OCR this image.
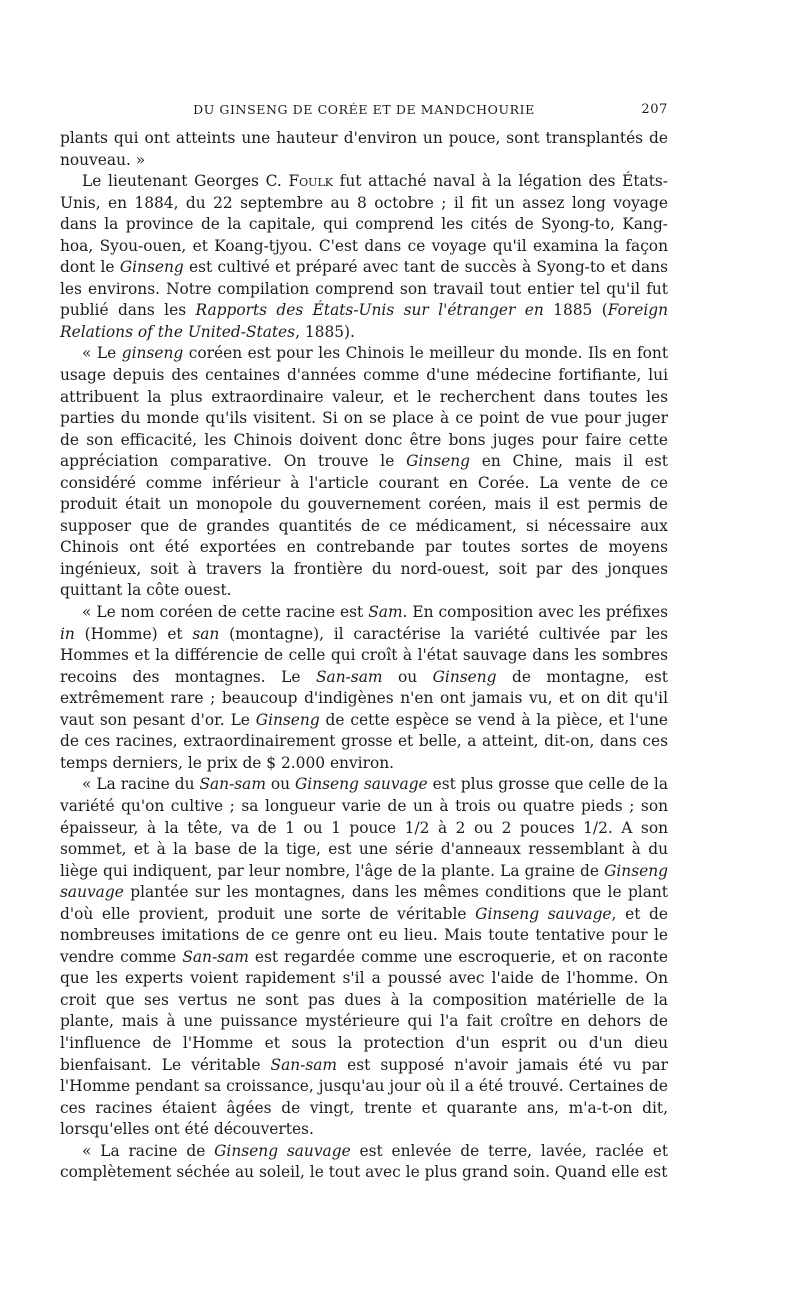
DU GINSENG DE CORÉE ET DE MANDCHOURIE	207

plants qui ont atteints une hauteur d'environ un pouce, sont transplantés de nouveau. »

Le lieutenant Georges C. Foulk fut attaché naval à la légation des États-Unis, en 1884, du 22 septembre au 8 octobre ; il fit un assez long voyage dans la province de la capitale, qui comprend les cités de Syong-to, Kang-hoa, Syou-ouen, et Koang-tjyou. C'est dans ce voyage qu'il examina la façon dont le Ginseng est cultivé et préparé avec tant de succès à Syong-to et dans les environs. Notre compilation comprend son travail tout entier tel qu'il fut publié dans les Rapports des États-Unis sur l'étranger en 1885 (Foreign Relations of the United-States, 1885).

« Le ginseng coréen est pour les Chinois le meilleur du monde. Ils en font usage depuis des centaines d'années comme d'une médecine fortifiante, lui attribuent la plus extraordinaire valeur, et le recherchent dans toutes les parties du monde qu'ils visitent. Si on se place à ce point de vue pour juger de son efficacité, les Chinois doivent donc être bons juges pour faire cette appréciation comparative. On trouve le Ginseng en Chine, mais il est considéré comme inférieur à l'article courant en Corée. La vente de ce produit était un monopole du gouvernement coréen, mais il est permis de supposer que de grandes quantités de ce médicament, si nécessaire aux Chinois ont été exportées en contrebande par toutes sortes de moyens ingénieux, soit à travers la frontière du nord-ouest, soit par des jonques quittant la côte ouest.

« Le nom coréen de cette racine est Sam. En composition avec les préfixes in (Homme) et san (montagne), il caractérise la variété cultivée par les Hommes et la différencie de celle qui croît à l'état sauvage dans les sombres recoins des montagnes. Le San-sam ou Ginseng de montagne, est extrêmement rare ; beaucoup d'indigènes n'en ont jamais vu, et on dit qu'il vaut son pesant d'or. Le Ginseng de cette espèce se vend à la pièce, et l'une de ces racines, extraordinairement grosse et belle, a atteint, dit-on, dans ces temps derniers, le prix de $ 2.000 environ.

« La racine du San-sam ou Ginseng sauvage est plus grosse que celle de la variété qu'on cultive ; sa longueur varie de un à trois ou quatre pieds ; son épaisseur, à la tête, va de 1 ou 1 pouce 1/2 à 2 ou 2 pouces 1/2. A son sommet, et à la base de la tige, est une série d'anneaux ressemblant à du liège qui indiquent, par leur nombre, l'âge de la plante. La graine de Ginseng sauvage plantée sur les montagnes, dans les mêmes conditions que le plant d'où elle provient, produit une sorte de véritable Ginseng sauvage, et de nombreuses imitations de ce genre ont eu lieu. Mais toute tentative pour le vendre comme San-sam est regardée comme une escroquerie, et on raconte que les experts voient rapidement s'il a poussé avec l'aide de l'homme. On croit que ses vertus ne sont pas dues à la composition matérielle de la plante, mais à une puissance mystérieure qui l'a fait croître en dehors de l'influence de l'Homme et sous la protection d'un esprit ou d'un dieu bienfaisant. Le véritable San-sam est supposé n'avoir jamais été vu par l'Homme pendant sa croissance, jusqu'au jour où il a été trouvé. Certaines de ces racines étaient âgées de vingt, trente et quarante ans, m'a-t-on dit, lorsqu'elles ont été découvertes.

« La racine de Ginseng sauvage est enlevée de terre, lavée, raclée et complètement séchée au soleil, le tout avec le plus grand soin. Quand elle est
